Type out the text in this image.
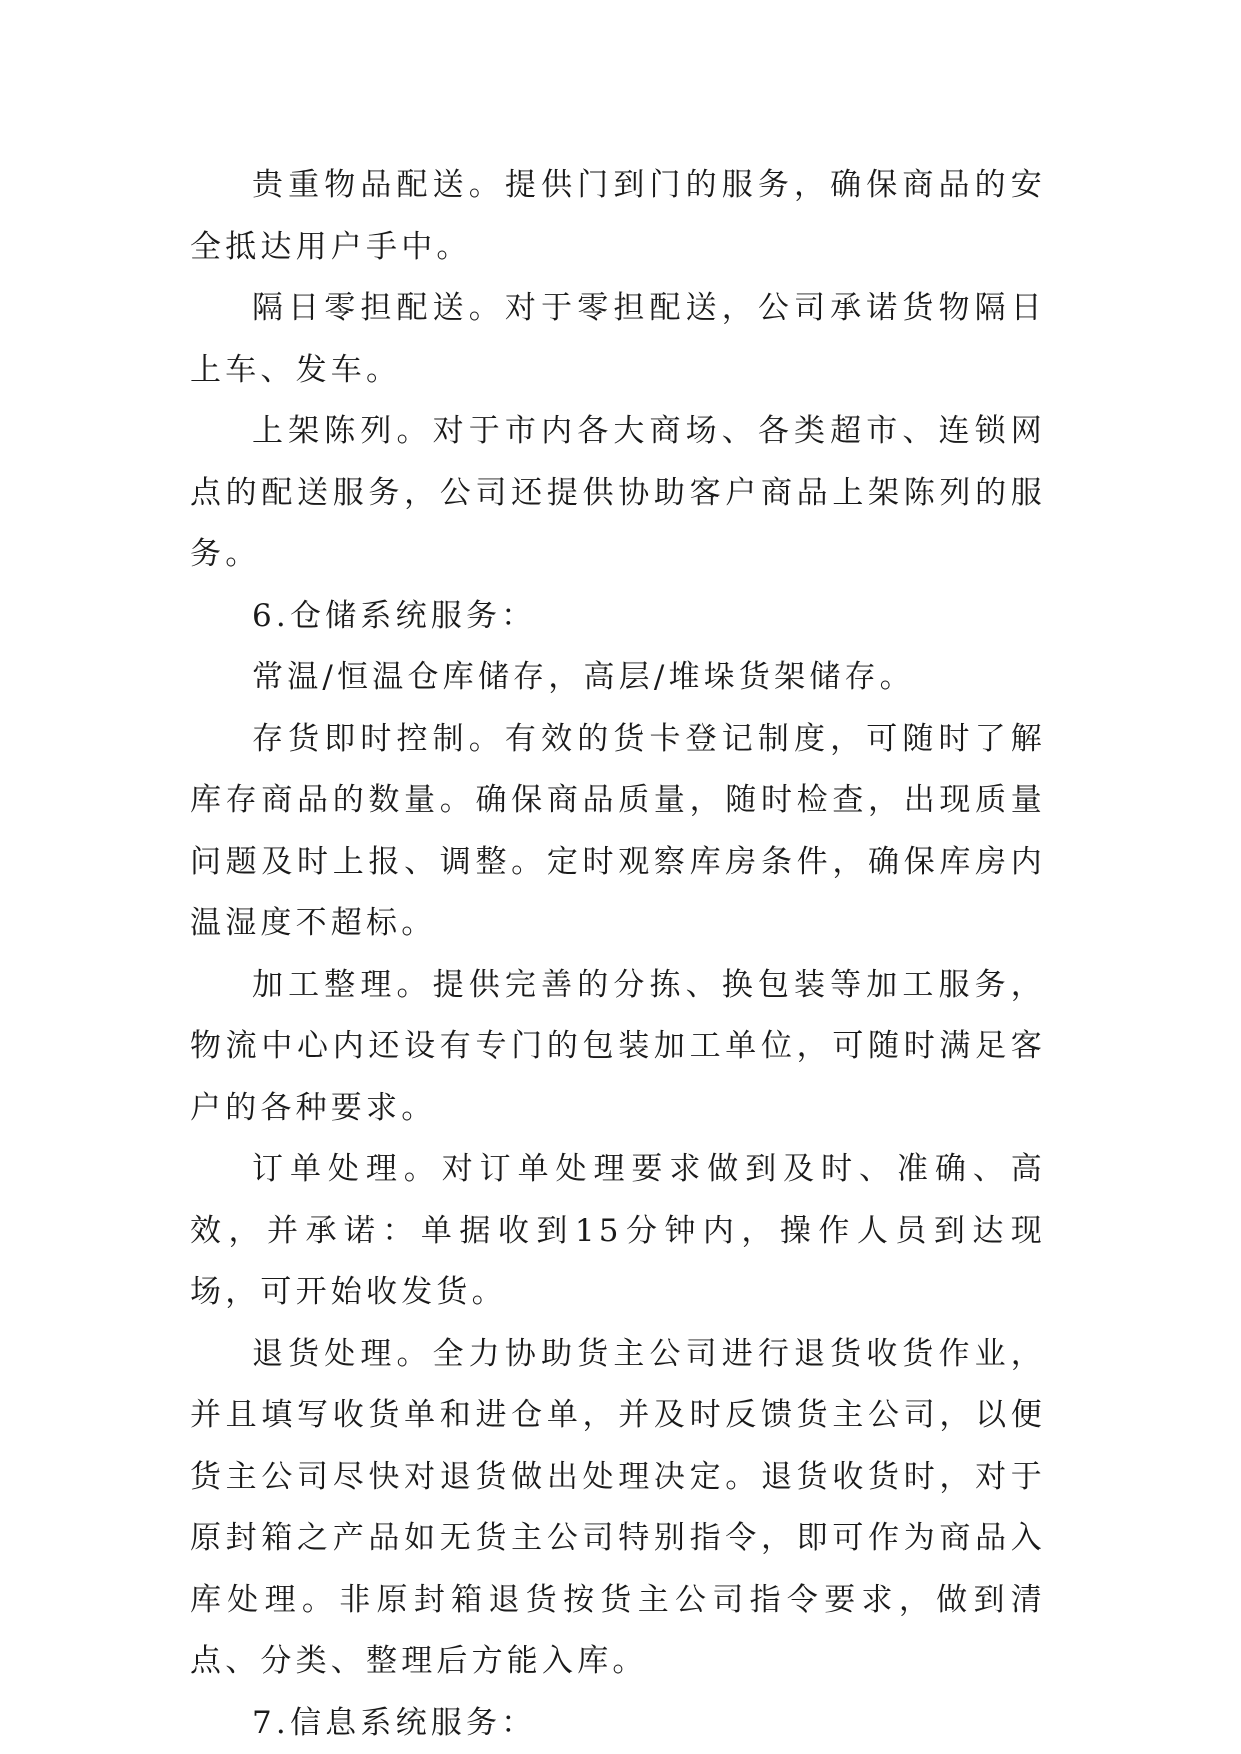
贵重物品配送。提供门到门的服务，确保商品的安全抵达用户手中。

隔日零担配送。对于零担配送，公司承诺货物隔日上车、发车。

上架陈列。对于市内各大商场、各类超市、连锁网点的配送服务，公司还提供协助客户商品上架陈列的服务。

6.仓储系统服务：

常温/恒温仓库储存，高层/堆垛货架储存。

存货即时控制。有效的货卡登记制度，可随时了解库存商品的数量。确保商品质量，随时检查，出现质量问题及时上报、调整。定时观察库房条件，确保库房内温湿度不超标。

加工整理。提供完善的分拣、换包装等加工服务，物流中心内还设有专门的包装加工单位，可随时满足客户的各种要求。

订单处理。对订单处理要求做到及时、准确、高效，并承诺：单据收到15分钟内，操作人员到达现场，可开始收发货。

退货处理。全力协助货主公司进行退货收货作业，并且填写收货单和进仓单，并及时反馈货主公司，以便货主公司尽快对退货做出处理决定。退货收货时，对于原封箱之产品如无货主公司特别指令，即可作为商品入库处理。非原封箱退货按货主公司指令要求，做到清点、分类、整理后方能入库。

7.信息系统服务：
